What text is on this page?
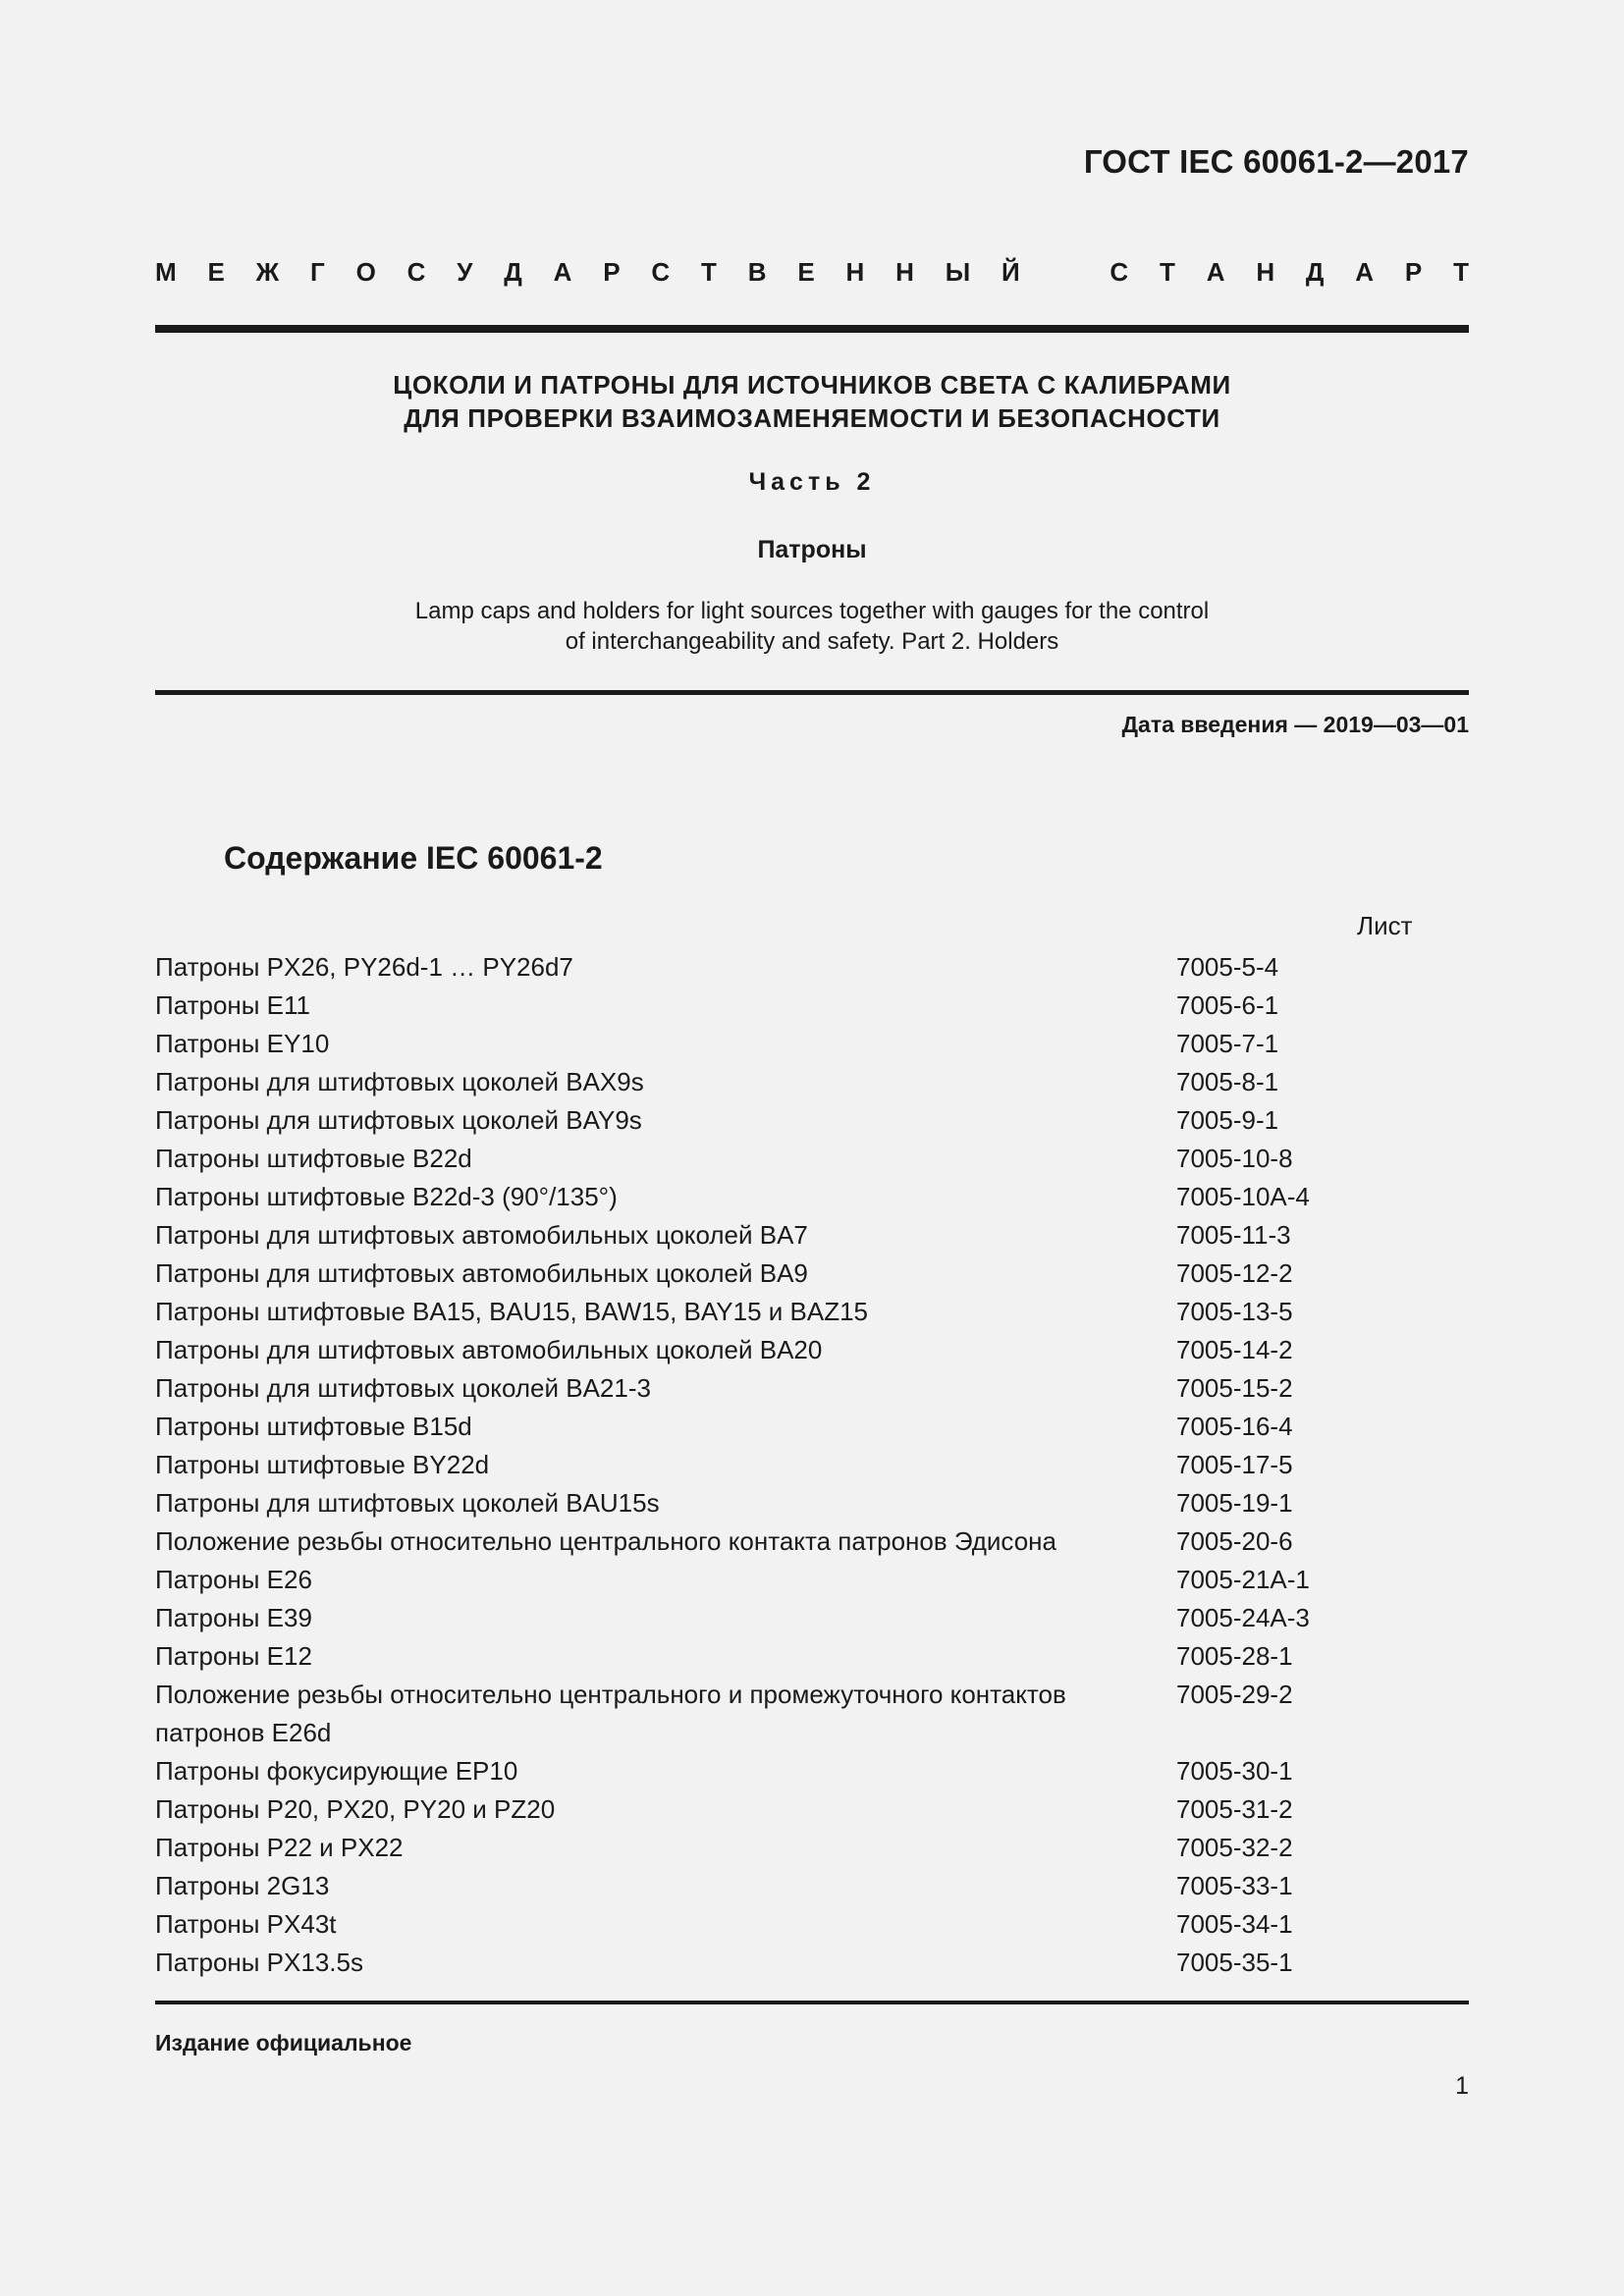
ГОСТ IEC 60061-2—2017
М Е Ж Г О С У Д А Р С Т В Е Н Н Ы Й	С Т А Н Д А Р Т
ЦОКОЛИ И ПАТРОНЫ ДЛЯ ИСТОЧНИКОВ СВЕТА С КАЛИБРАМИ
ДЛЯ ПРОВЕРКИ ВЗАИМОЗАМЕНЯЕМОСТИ И БЕЗОПАСНОСТИ
Часть 2
Патроны
Lamp caps and holders for light sources together with gauges for the control
of interchangeability and safety. Part 2. Holders
Дата введения — 2019—03—01
Содержание IEC 60061-2
Лист
Патроны PX26, PY26d-1 … PY26d7	7005-5-4
Патроны E11	7005-6-1
Патроны EY10	7005-7-1
Патроны для штифтовых цоколей BAX9s	7005-8-1
Патроны для штифтовых цоколей BAY9s	7005-9-1
Патроны штифтовые B22d	7005-10-8
Патроны штифтовые B22d-3 (90°/135°)	7005-10A-4
Патроны для штифтовых автомобильных цоколей BA7	7005-11-3
Патроны для штифтовых автомобильных цоколей BA9	7005-12-2
Патроны штифтовые BA15, BAU15, BAW15, BAY15 и BAZ15	7005-13-5
Патроны для штифтовых автомобильных цоколей BA20	7005-14-2
Патроны для штифтовых цоколей BA21-3	7005-15-2
Патроны штифтовые B15d	7005-16-4
Патроны штифтовые BY22d	7005-17-5
Патроны для штифтовых цоколей BAU15s	7005-19-1
Положение резьбы относительно центрального контакта патронов Эдисона	7005-20-6
Патроны E26	7005-21A-1
Патроны E39	7005-24A-3
Патроны E12	7005-28-1
Положение резьбы относительно центрального и промежуточного контактов патронов E26d
7005-29-2
Патроны фокусирующие EP10	7005-30-1
Патроны P20, PX20, PY20 и PZ20	7005-31-2
Патроны P22 и PX22	7005-32-2
Патроны 2G13	7005-33-1
Патроны PX43t	7005-34-1
Патроны PX13.5s	7005-35-1
Издание официальное
1
